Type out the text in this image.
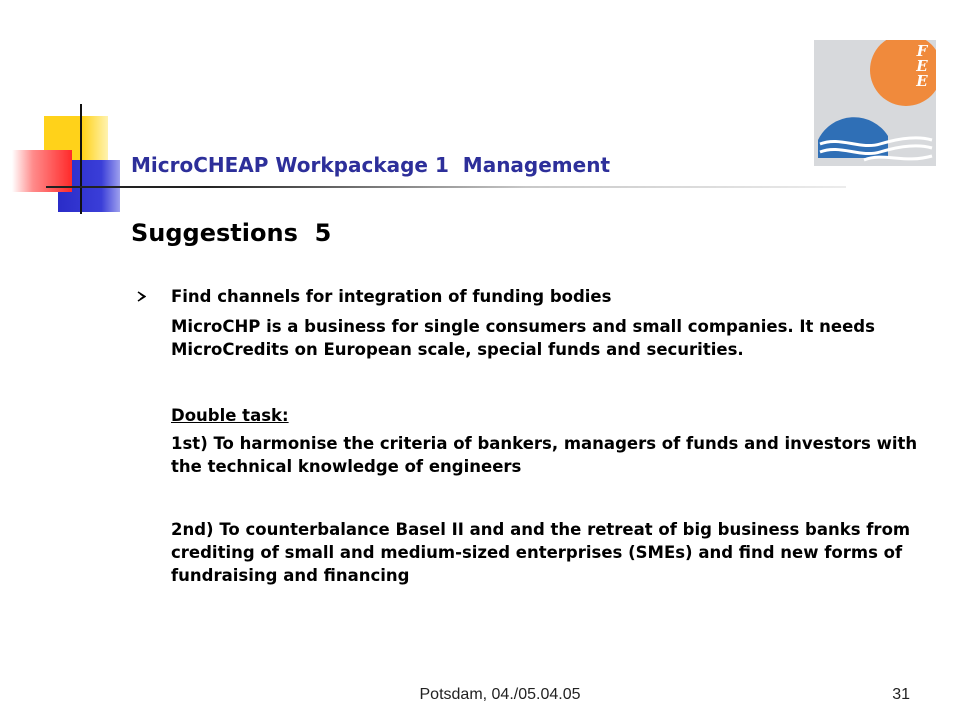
F
E
E
MicroCHEAP Workpackage 1  Management
Suggestions  5
Find channels for integration of funding bodies
MicroCHP is a business for single consumers and small companies. It needs MicroCredits on European scale, special funds and securities.
Double task:
1st) To harmonise the criteria of bankers, managers of funds and investors with the technical knowledge of engineers
2nd) To counterbalance Basel II and and the retreat of big business banks from crediting of small and medium-sized enterprises (SMEs) and find new forms of fundraising and financing
Potsdam, 04./05.04.05	31
